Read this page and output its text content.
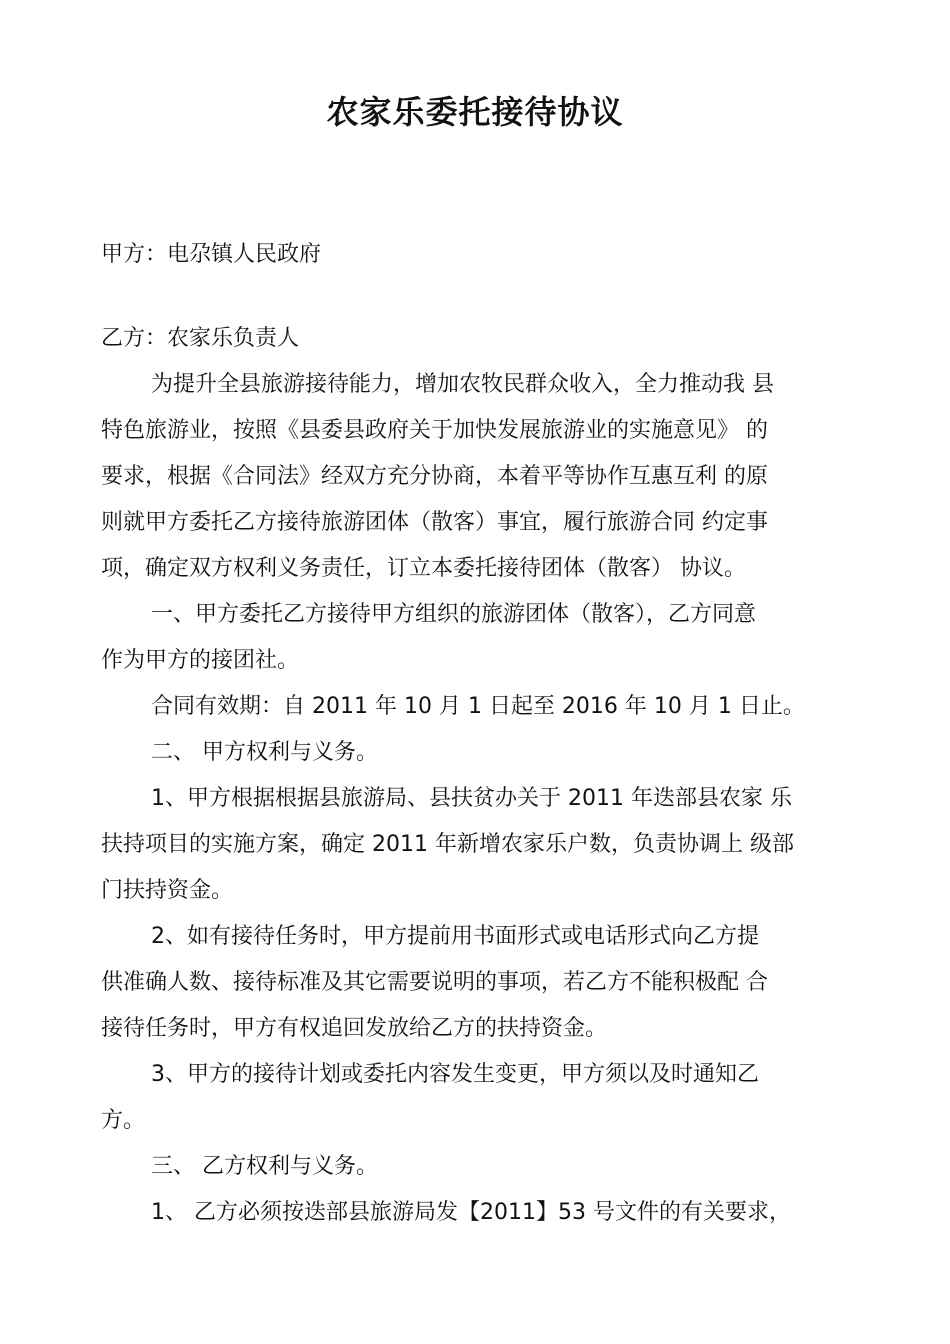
农家乐委托接待协议

甲方：电尕镇人民政府

乙方：农家乐负责人

为提升全县旅游接待能力，增加农牧民群众收入，全力推动我 县

特色旅游业，按照《县委县政府关于加快发展旅游业的实施意见》 的

要求，根据《合同法》经双方充分协商，本着平等协作互惠互利 的原

则就甲方委托乙方接待旅游团体（散客）事宜，履行旅游合同 约定事

项，确定双方权利义务责任，订立本委托接待团体（散客） 协议。

一、甲方委托乙方接待甲方组织的旅游团体（散客），乙方同意

作为甲方的接团社。

合同有效期：自 2011 年 10 月 1 日起至 2016 年 10 月 1 日止。

二、 甲方权利与义务。

1、甲方根据根据县旅游局、县扶贫办关于 2011 年迭部县农家 乐

扶持项目的实施方案，确定 2011 年新增农家乐户数，负责协调上 级部

门扶持资金。

2、如有接待任务时，甲方提前用书面形式或电话形式向乙方提

供准确人数、接待标准及其它需要说明的事项，若乙方不能积极配 合

接待任务时，甲方有权追回发放给乙方的扶持资金。

3、甲方的接待计划或委托内容发生变更，甲方须以及时通知乙

方。

三、 乙方权利与义务。

1、 乙方必须按迭部县旅游局发【2011】53 号文件的有关要求，
